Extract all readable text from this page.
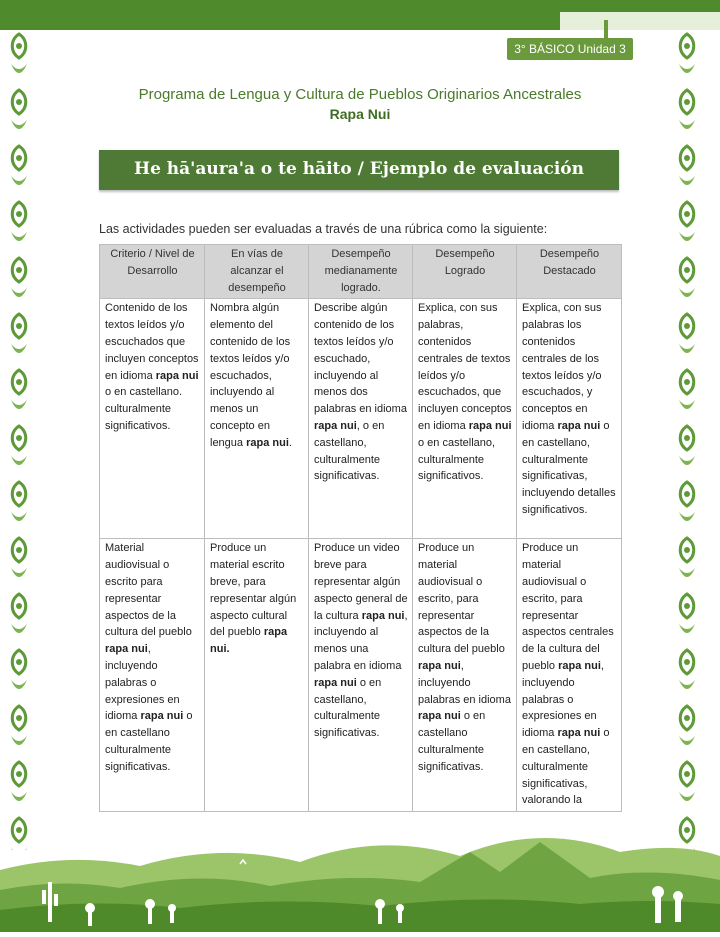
3° BÁSICO Unidad 3
Programa de Lengua y Cultura de Pueblos Originarios Ancestrales
Rapa Nui
He hā'aura'a o te hāito / Ejemplo de evaluación
Las actividades pueden ser evaluadas a través de una rúbrica como la siguiente:
Criterio / Nivel de Desarrollo	En vías de alcanzar el desempeño	Desempeño medianamente logrado.	Desempeño Logrado	Desempeño Destacado
Contenido de los textos leídos y/o escuchados que incluyen conceptos en idioma rapa nui o en castellano. culturalmente significativos.	Nombra algún elemento del contenido de los textos leídos y/o escuchados, incluyendo al menos un concepto en lengua rapa nui.	Describe algún contenido de los textos leídos y/o escuchado, incluyendo al menos dos palabras en idioma rapa nui, o en castellano, culturalmente significativas.	Explica, con sus palabras, contenidos centrales de textos leídos y/o escuchados, que incluyen conceptos en idioma rapa nui o en castellano, culturalmente significativos.	Explica, con sus palabras los contenidos centrales de los textos leídos y/o escuchados, y conceptos en idioma rapa nui o en castellano, culturalmente significativas, incluyendo detalles significativos.
Material audiovisual o escrito para representar aspectos de la cultura del pueblo rapa nui, incluyendo palabras o expresiones en idioma rapa nui o en castellano culturalmente significativas.	Produce un material escrito breve, para representar algún aspecto cultural del pueblo rapa nui.	Produce un video breve para representar algún aspecto general de la cultura rapa nui, incluyendo al menos una palabra en idioma rapa nui o en castellano, culturalmente significativas.	Produce un material audiovisual o escrito, para representar aspectos de la cultura del pueblo rapa nui, incluyendo palabras en idioma rapa nui o en castellano culturalmente significativas.	Produce un material audiovisual o escrito, para representar aspectos centrales de la cultura del pueblo rapa nui, incluyendo palabras o expresiones en idioma rapa nui o en castellano, culturalmente significativas, valorando la
